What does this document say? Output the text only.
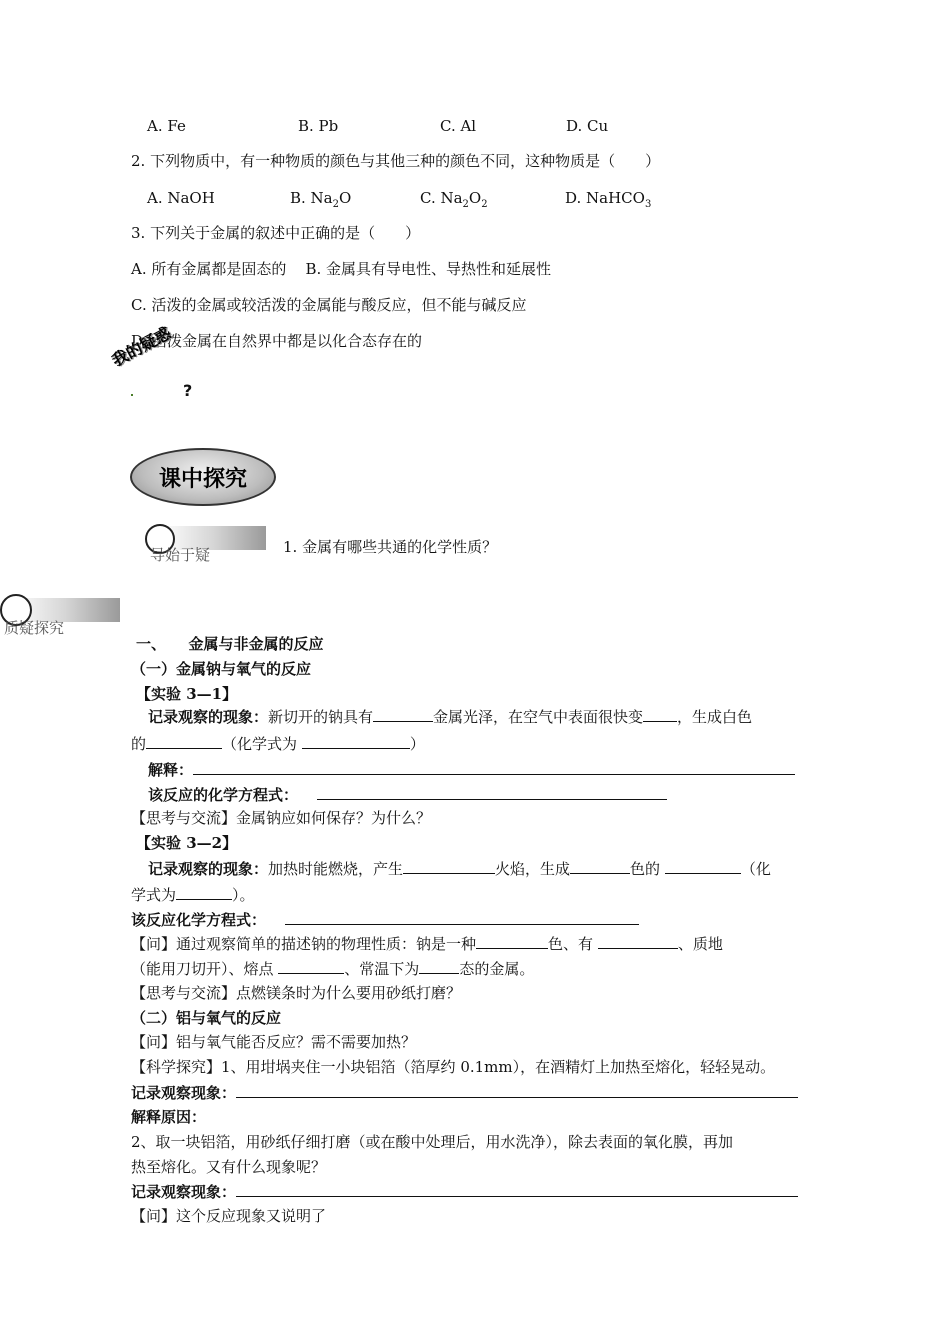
A. Fe	B. Pb	C. Al	D. Cu
2. 下列物质中，有一种物质的颜色与其他三种的颜色不同，这种物质是（　　）
A. NaOH	B. $Na_2O$	C. $Na_2O_2$	D. NaHCO$_3$
3. 下列关于金属的叙述中正确的是（　　）
A. 所有金属都是固态的 B. 金属具有导电性、导热性和延展性
C. 活泼的金属或较活泼的金属能与酸反应，但不能与碱反应
D. 活泼金属在自然界中都是以化合态存在的
我的疑惑
?
课中探究
导始于疑	1. 金属有哪些共通的化学性质？
质疑探究
一、　　金属与非金属的反应
（一）金属钠与氧气的反应
【实验 3—1】
记录观察的现象：新切开的钠具有	金属光泽，在空气中表面很快变 ，生成白色
的	（化学式为	）
解释：
该反应的化学方程式：
【思考与交流】金属钠应如何保存？为什么？
【实验 3—2】
记录观察的现象：加热时能燃烧，产生	火焰，生成	色的	（化
学式为	）。
该反应化学方程式：
【问】通过观察简单的描述钠的物理性质：钠是一种	色、有	、质地
（能用刀切开）、熔点	、常温下为	态的金属。
【思考与交流】点燃镁条时为什么要用砂纸打磨？
（二）铝与氧气的反应
【问】铝与氧气能否反应？需不需要加热？
【科学探究】1、用坩埚夹住一小块铝箔（箔厚约 0.1mm），在酒精灯上加热至熔化，轻轻晃动。
记录观察现象：
解释原因：
2、取一块铝箔，用砂纸仔细打磨（或在酸中处理后，用水洗净），除去表面的氧化膜，再加
热至熔化。又有什么现象呢？
记录观察现象：
【问】这个反应现象又说明了
